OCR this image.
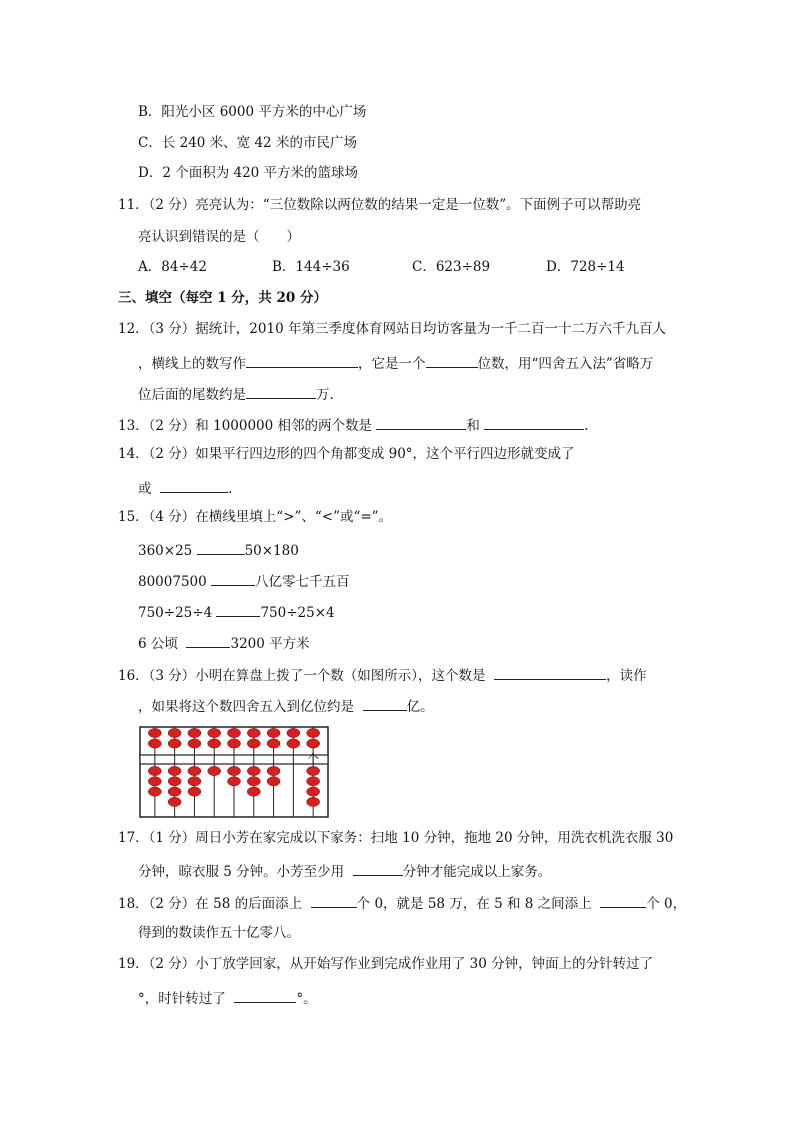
B．阳光小区 6000 平方米的中心广场
C．长 240 米、宽 42 米的市民广场
D．2 个面积为 420 平方米的篮球场
11．（2 分）亮亮认为：“三位数除以两位数的结果一定是一位数”。下面例子可以帮助亮
亮认识到错误的是（　　）
A．84÷42	B．144÷36	C．623÷89	D．728÷14
三、填空（每空 1 分，共 20 分）
12．（3 分）据统计，2010 年第三季度体育网站日均访客量为一千二百一十二万六千九百人
，横线上的数写作	，它是一个	位数，用“四舍五入法”省略万
位后面的尾数约是	万.
13．（2 分）和 1000000 相邻的两个数是	和	.
14．（2 分）如果平行四边形的四个角都变成 90°，这个平行四边形就变成了
或	.
15．（4 分）在横线里填上“>”、“<”或“=”。
360×25	50×180
80007500	八亿零七千五百
750÷25÷4	750÷25×4
6 公顷	3200 平方米
16．（3 分）小明在算盘上拨了一个数（如图所示），这个数是	，读作
，如果将这个数四舍五入到亿位约是	亿。
个
17．（1 分）周日小芳在家完成以下家务：扫地 10 分钟，拖地 20 分钟，用洗衣机洗衣服 30
分钟，晾衣服 5 分钟。小芳至少用	分钟才能完成以上家务。
18．（2 分）在 58 的后面添上	个 0，就是 58 万，在 5 和 8 之间添上	个 0，
得到的数读作五十亿零八。
19．（2 分）小丁放学回家，从开始写作业到完成作业用了 30 分钟，钟面上的分针转过了
°，时针转过了	°。
